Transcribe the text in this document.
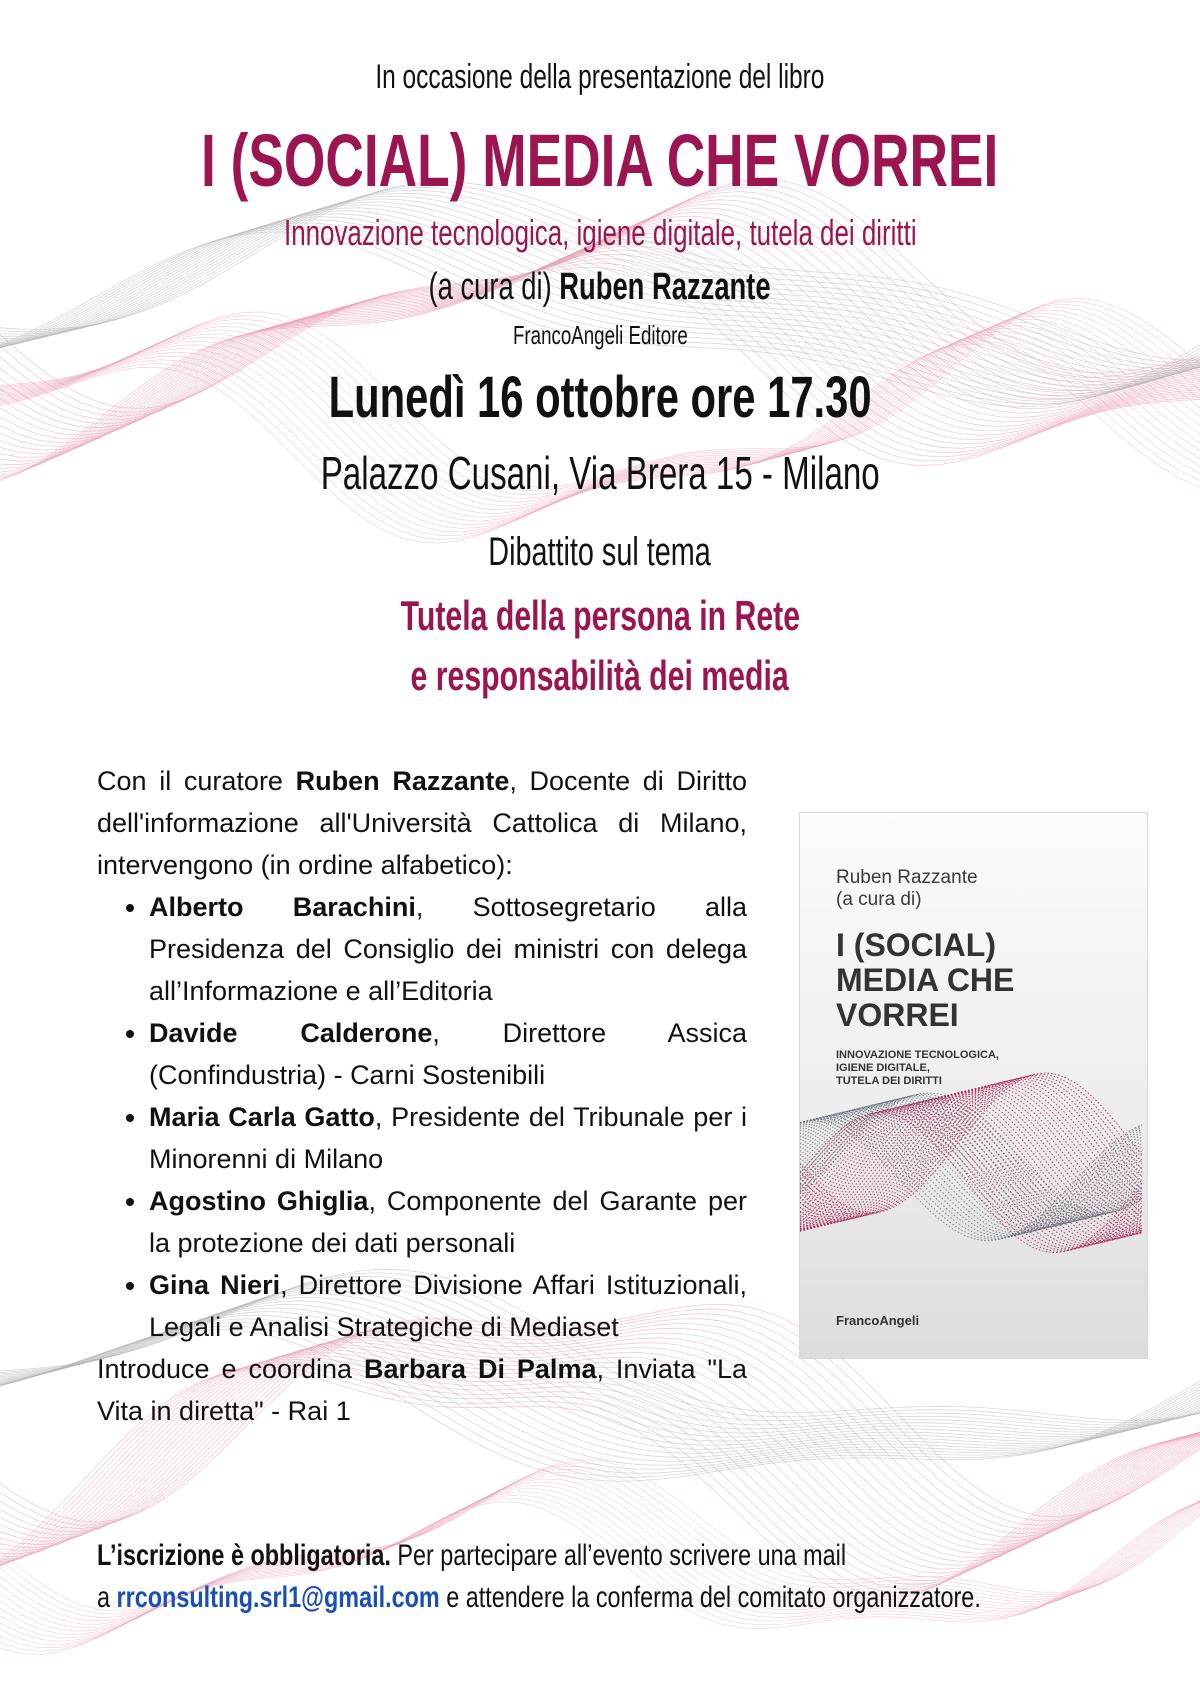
In occasione della presentazione del libro
I (SOCIAL) MEDIA CHE VORREI
Innovazione tecnologica, igiene digitale, tutela dei diritti
(a cura di) Ruben Razzante
FrancoAngeli Editore
Lunedì 16 ottobre ore 17.30
Palazzo Cusani, Via Brera 15 - Milano
Dibattito sul tema
Tutela della persona in Rete
e responsabilità dei media

Con il curatore Ruben Razzante, Docente di Diritto dell'informazione all'Università Cattolica di Milano, intervengono (in ordine alfabetico):

• Alberto Barachini, Sottosegretario alla Presidenza del Consiglio dei ministri con delega all’Informazione e all’Editoria
• Davide Calderone, Direttore Assica (Confindustria) - Carni Sostenibili
• Maria Carla Gatto, Presidente del Tribunale per i Minorenni di Milano
• Agostino Ghiglia, Componente del Garante per la protezione dei dati personali
• Gina Nieri, Direttore Divisione Affari Istituzionali, Legali e Analisi Strategiche di Mediaset

Introduce e coordina Barbara Di Palma, Inviata "La Vita in diretta" - Rai 1

Ruben Razzante
(a cura di)
I (SOCIAL)
MEDIA CHE
VORREI
INNOVAZIONE TECNOLOGICA,
IGIENE DIGITALE,
TUTELA DEI DIRITTI
FrancoAngeli
L’iscrizione è obbligatoria. Per partecipare all’evento scrivere una mail
a rrconsulting.srl1@gmail.com e attendere la conferma del comitato organizzatore.
